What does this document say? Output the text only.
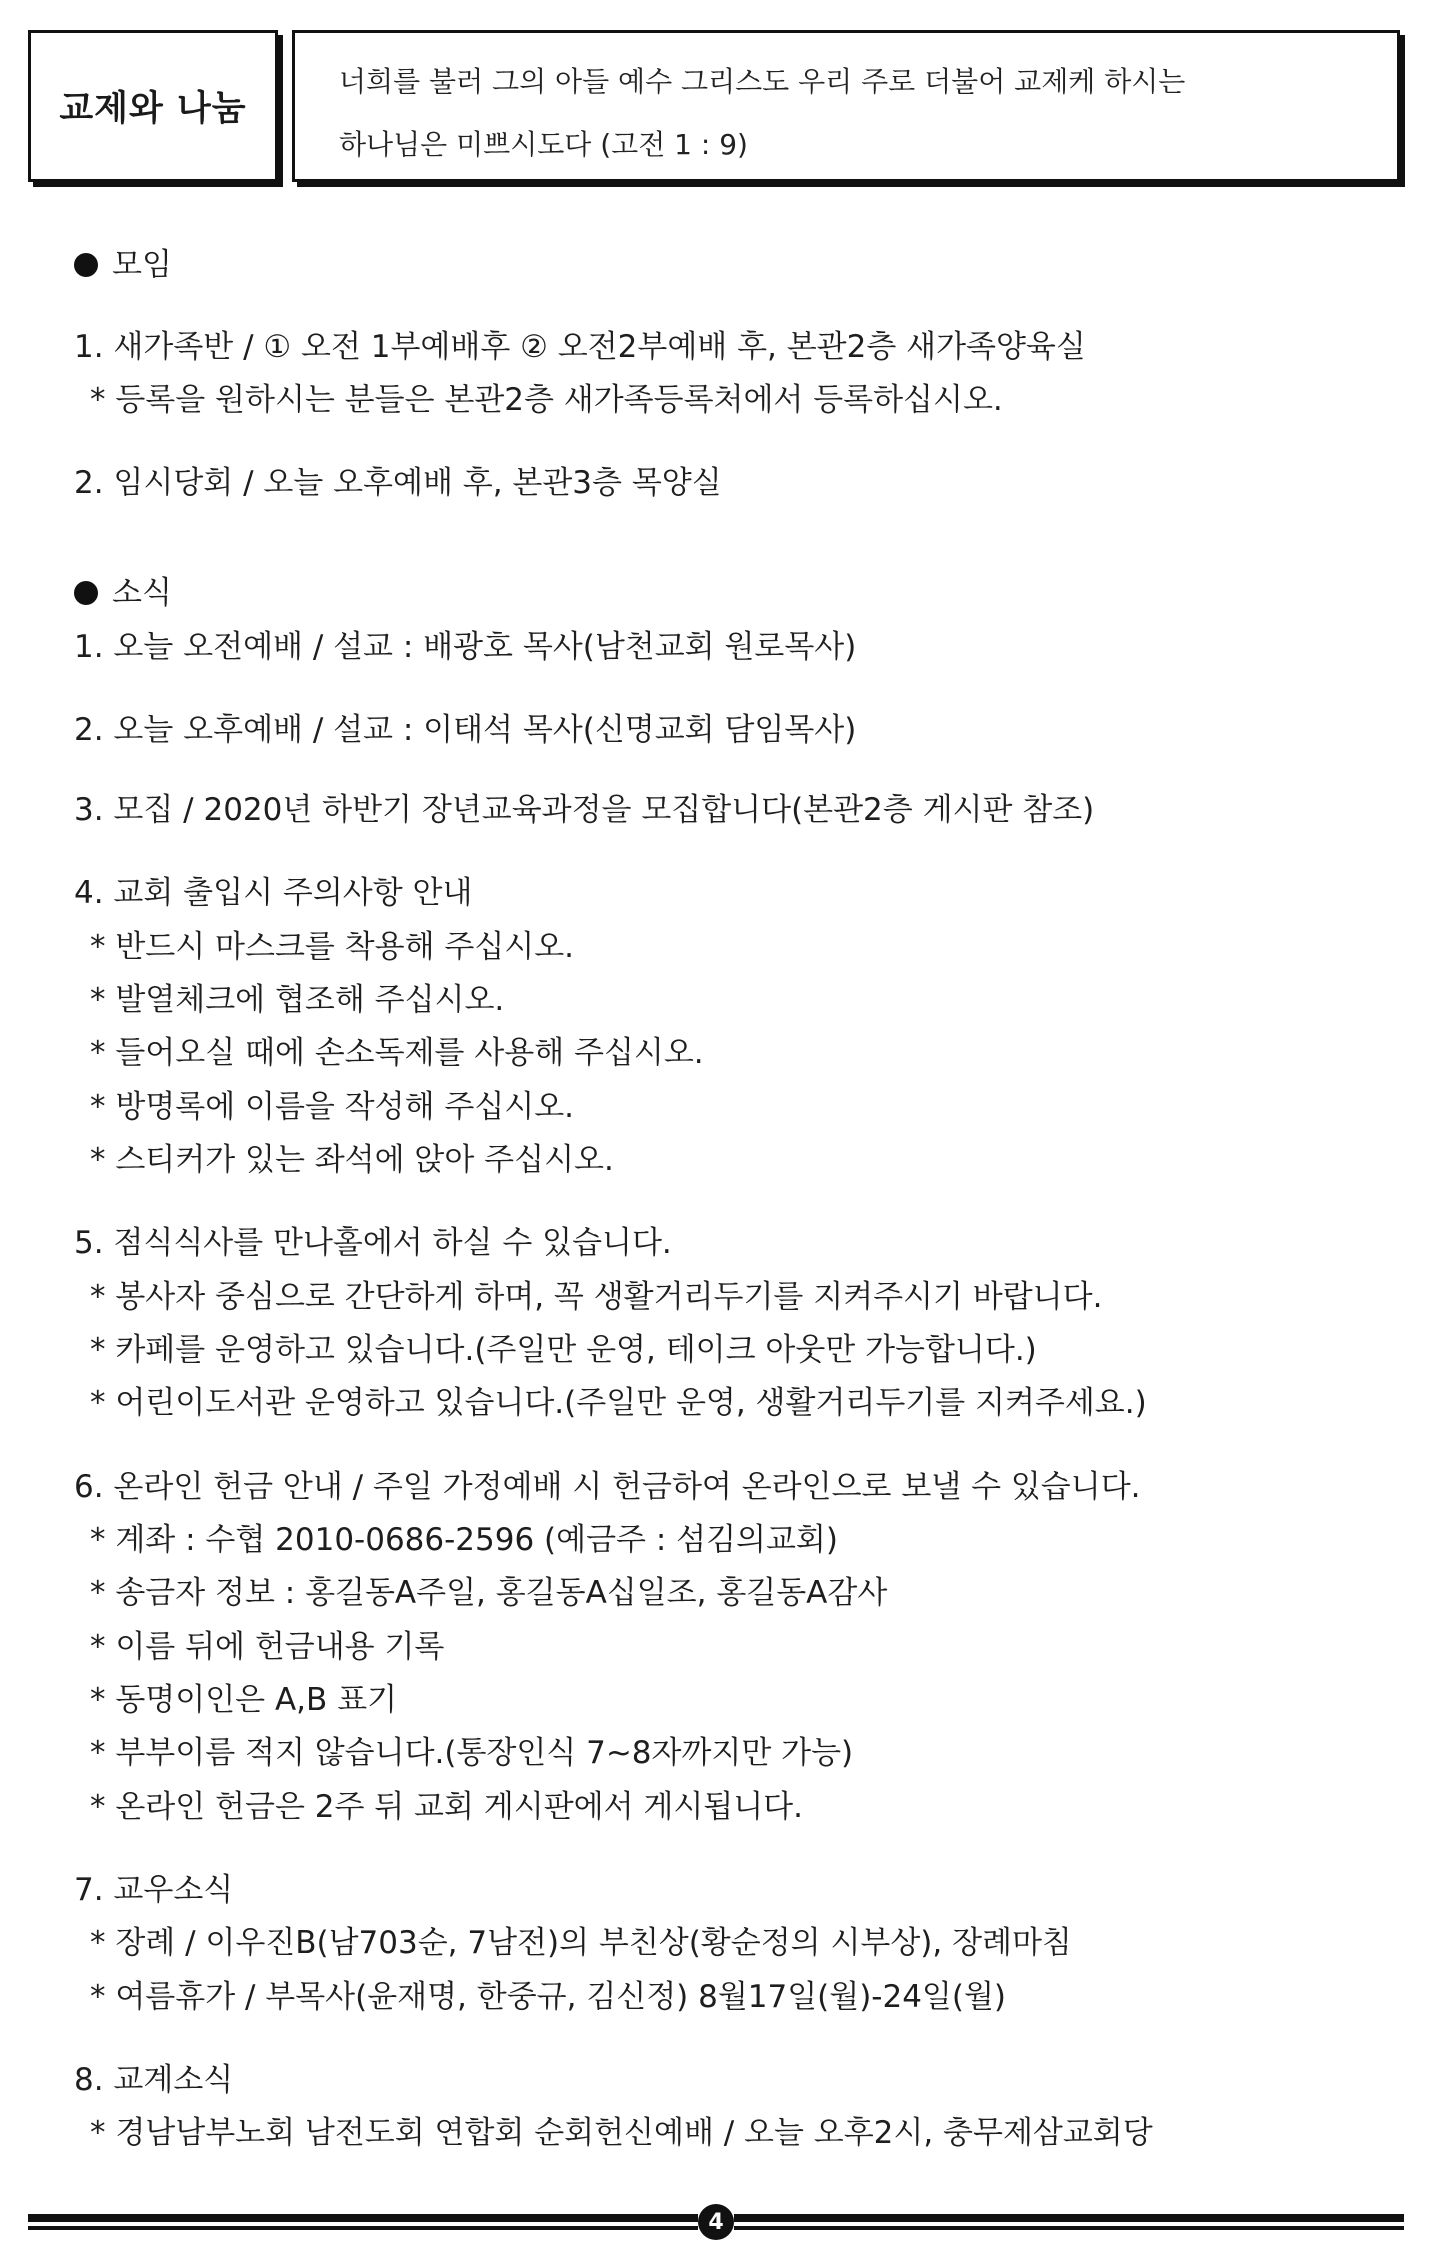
교제와 나눔
너희를 불러 그의 아들 예수 그리스도 우리 주로 더불어 교제케 하시는
하나님은 미쁘시도다 (고전 1 : 9)
모임
1. 새가족반 / ① 오전 1부예배후 ② 오전2부예배 후, 본관2층 새가족양육실
* 등록을 원하시는 분들은 본관2층 새가족등록처에서 등록하십시오.
2. 임시당회 / 오늘 오후예배 후, 본관3층 목양실
소식
1. 오늘 오전예배 / 설교 : 배광호 목사(남천교회 원로목사)
2. 오늘 오후예배 / 설교 : 이태석 목사(신명교회 담임목사)
3. 모집 / 2020년 하반기 장년교육과정을 모집합니다(본관2층 게시판 참조)
4. 교회 출입시 주의사항 안내
* 반드시 마스크를 착용해 주십시오.
* 발열체크에 협조해 주십시오.
* 들어오실 때에 손소독제를 사용해 주십시오.
* 방명록에 이름을 작성해 주십시오.
* 스티커가 있는 좌석에 앉아 주십시오.
5. 점식식사를 만나홀에서 하실 수 있습니다.
* 봉사자 중심으로 간단하게 하며, 꼭 생활거리두기를 지켜주시기 바랍니다.
* 카페를 운영하고 있습니다.(주일만 운영, 테이크 아웃만 가능합니다.)
* 어린이도서관 운영하고 있습니다.(주일만 운영, 생활거리두기를 지켜주세요.)
6. 온라인 헌금 안내 / 주일 가정예배 시 헌금하여 온라인으로 보낼 수 있습니다.
* 계좌 : 수협 2010-0686-2596 (예금주 : 섬김의교회)
* 송금자 정보 : 홍길동A주일, 홍길동A십일조, 홍길동A감사
* 이름 뒤에 헌금내용 기록
* 동명이인은 A,B 표기
* 부부이름 적지 않습니다.(통장인식 7∼8자까지만 가능)
* 온라인 헌금은 2주 뒤 교회 게시판에서 게시됩니다.
7. 교우소식
* 장례 / 이우진B(남703순, 7남전)의 부친상(황순정의 시부상), 장례마침
* 여름휴가 / 부목사(윤재명, 한중규, 김신정) 8월17일(월)-24일(월)
8. 교계소식
* 경남남부노회 남전도회 연합회 순회헌신예배 / 오늘 오후2시, 충무제삼교회당
4
